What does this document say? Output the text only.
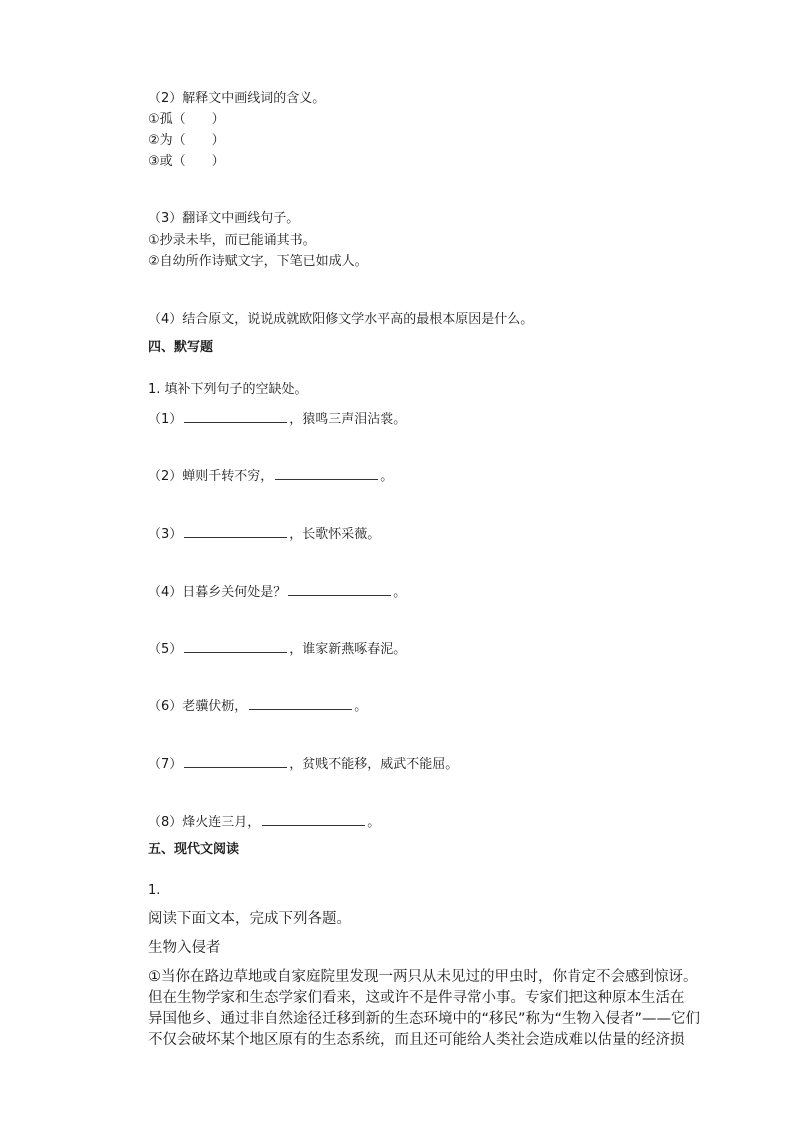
（2）解释文中画线词的含义。
①孤（　　）
②为（　　）
③或（　　）
（3）翻译文中画线句子。
①抄录未毕，而已能诵其书。
②自幼所作诗赋文字，下笔已如成人。
（4）结合原文，说说成就欧阳修文学水平高的最根本原因是什么。
四、默写题
1. 填补下列句子的空缺处。
（1）	，猿鸣三声泪沾裳。
（2）蝉则千转不穷，	。
（3）	，长歌怀采薇。
（4）日暮乡关何处是？	。
（5）	，谁家新燕啄春泥。
（6）老骥伏枥，	。
（7）	，贫贱不能移，威武不能屈。
（8）烽火连三月，	。
五、现代文阅读
1.
阅读下面文本，完成下列各题。
生物入侵者
①当你在路边草地或自家庭院里发现一两只从未见过的甲虫时，你肯定不会感到惊讶。
但在生物学家和生态学家们看来，这或许不是件寻常小事。专家们把这种原本生活在
异国他乡、通过非自然途径迁移到新的生态环境中的“移民”称为“生物入侵者”——它们
不仅会破坏某个地区原有的生态系统，而且还可能给人类社会造成难以估量的经济损
